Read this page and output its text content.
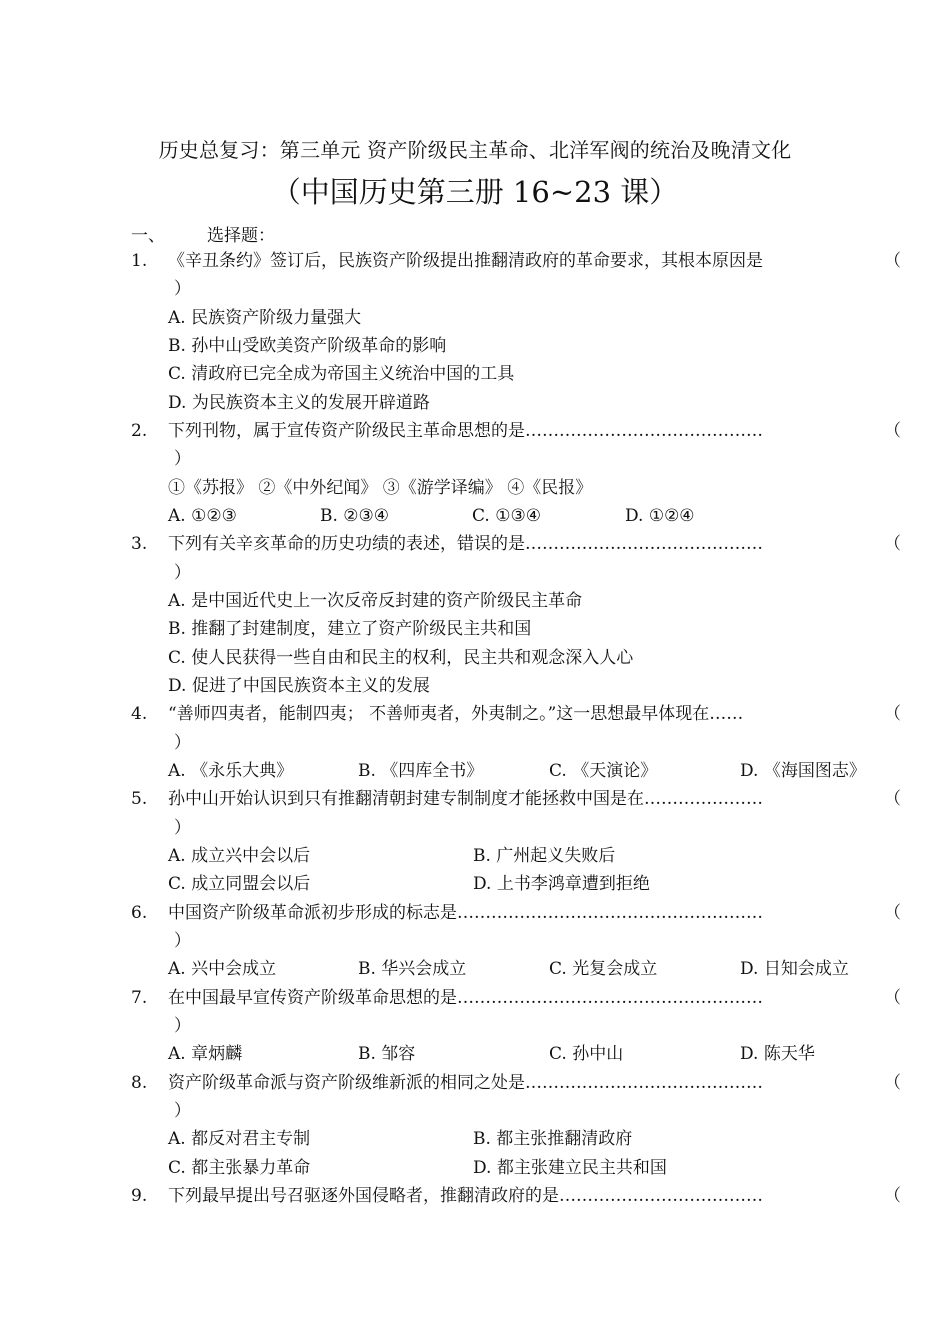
历史总复习：第三单元 资产阶级民主革命、北洋军阀的统治及晚清文化
（中国历史第三册 16~23 课）
一、 选择题：
1. 《辛丑条约》签订后，民族资产阶级提出推翻清政府的革命要求，其根本原因是	（
）
A. 民族资产阶级力量强大
B. 孙中山受欧美资产阶级革命的影响
C. 清政府已完全成为帝国主义统治中国的工具
D. 为民族资本主义的发展开辟道路
2. 下列刊物，属于宣传资产阶级民主革命思想的是……………………………………	（
）
①《苏报》 ②《中外纪闻》 ③《游学译编》 ④《民报》
A. ①②③	B. ②③④	C. ①③④	D. ①②④
3. 下列有关辛亥革命的历史功绩的表述，错误的是……………………………………	（
）
A. 是中国近代史上一次反帝反封建的资产阶级民主革命
B. 推翻了封建制度，建立了资产阶级民主共和国
C. 使人民获得一些自由和民主的权利，民主共和观念深入人心
D. 促进了中国民族资本主义的发展
4. “善师四夷者，能制四夷； 不善师夷者，外夷制之。”这一思想最早体现在……	（
）
A. 《永乐大典》	B. 《四库全书》	C. 《天演论》	D. 《海国图志》
5. 孙中山开始认识到只有推翻清朝封建专制制度才能拯救中国是在…………………	（
）
A. 成立兴中会以后	B. 广州起义失败后
C. 成立同盟会以后	D. 上书李鸿章遭到拒绝
6. 中国资产阶级革命派初步形成的标志是………………………………………………	（
）
A. 兴中会成立	B. 华兴会成立	C. 光复会成立	D. 日知会成立
7. 在中国最早宣传资产阶级革命思想的是………………………………………………	（
）
A. 章炳麟	B. 邹容	C. 孙中山	D. 陈天华
8. 资产阶级革命派与资产阶级维新派的相同之处是……………………………………	（
）
A. 都反对君主专制	B. 都主张推翻清政府
C. 都主张暴力革命	D. 都主张建立民主共和国
9. 下列最早提出号召驱逐外国侵略者，推翻清政府的是………………………………	（
